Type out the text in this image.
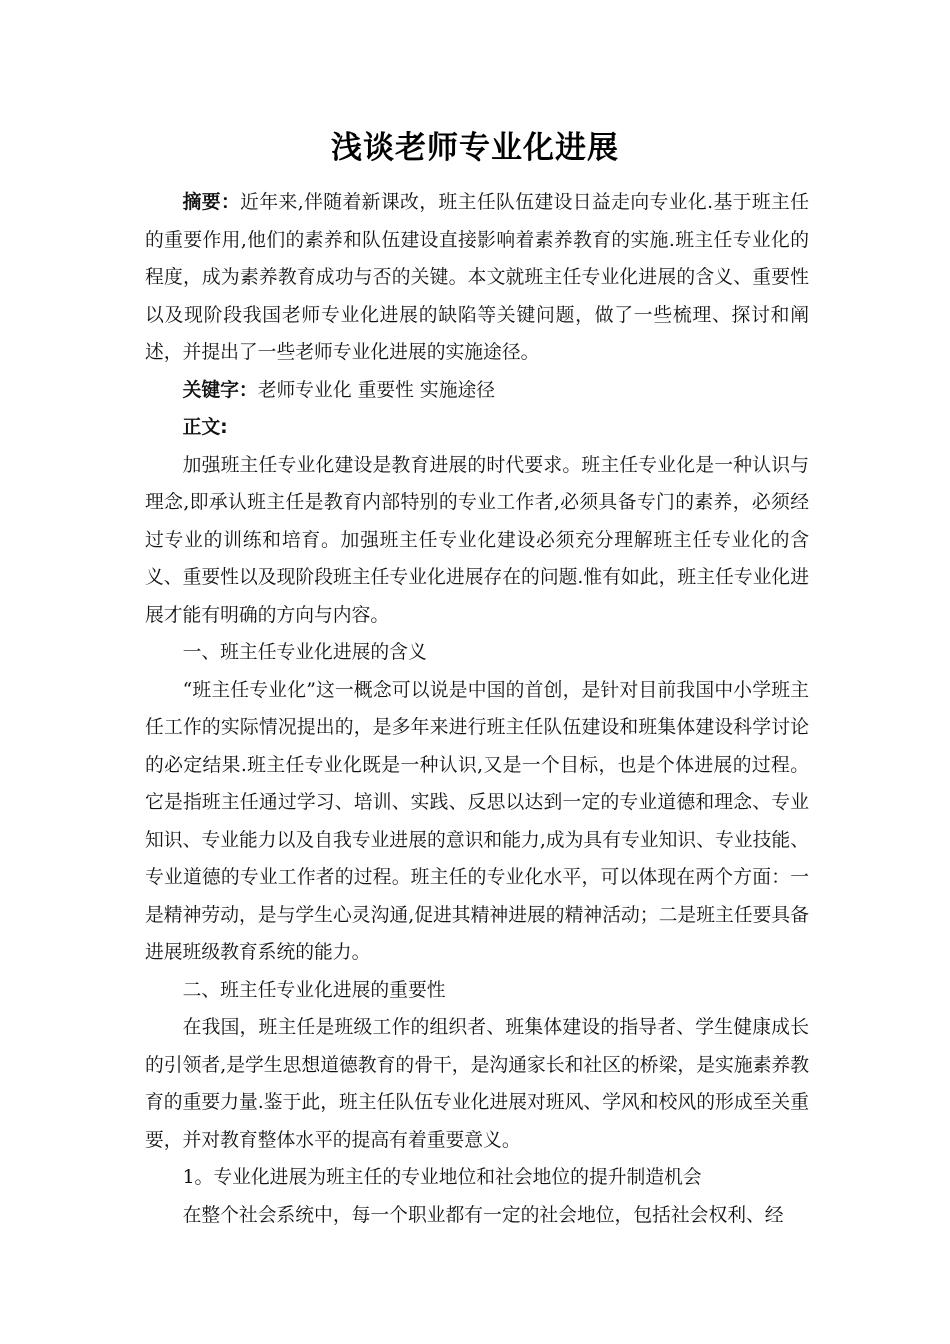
浅谈老师专业化进展

摘要：近年来,伴随着新课改，班主任队伍建设日益走向专业化.基于班主任的重要作用,他们的素养和队伍建设直接影响着素养教育的实施.班主任专业化的程度，成为素养教育成功与否的关键。本文就班主任专业化进展的含义、重要性以及现阶段我国老师专业化进展的缺陷等关键问题，做了一些梳理、探讨和阐述，并提出了一些老师专业化进展的实施途径。

关键字：老师专业化 重要性 实施途径

正文:

加强班主任专业化建设是教育进展的时代要求。班主任专业化是一种认识与理念,即承认班主任是教育内部特别的专业工作者,必须具备专门的素养，必须经过专业的训练和培育。加强班主任专业化建设必须充分理解班主任专业化的含义、重要性以及现阶段班主任专业化进展存在的问题.惟有如此，班主任专业化进展才能有明确的方向与内容。

一、班主任专业化进展的含义

“班主任专业化”这一概念可以说是中国的首创，是针对目前我国中小学班主任工作的实际情况提出的，是多年来进行班主任队伍建设和班集体建设科学讨论的必定结果.班主任专业化既是一种认识,又是一个目标，也是个体进展的过程。它是指班主任通过学习、培训、实践、反思以达到一定的专业道德和理念、专业知识、专业能力以及自我专业进展的意识和能力,成为具有专业知识、专业技能、专业道德的专业工作者的过程。班主任的专业化水平，可以体现在两个方面：一是精神劳动，是与学生心灵沟通,促进其精神进展的精神活动；二是班主任要具备进展班级教育系统的能力。

二、班主任专业化进展的重要性

在我国，班主任是班级工作的组织者、班集体建设的指导者、学生健康成长的引领者,是学生思想道德教育的骨干，是沟通家长和社区的桥梁，是实施素养教育的重要力量.鉴于此，班主任队伍专业化进展对班风、学风和校风的形成至关重要，并对教育整体水平的提高有着重要意义。

1。专业化进展为班主任的专业地位和社会地位的提升制造机会

在整个社会系统中，每一个职业都有一定的社会地位，包括社会权利、经
